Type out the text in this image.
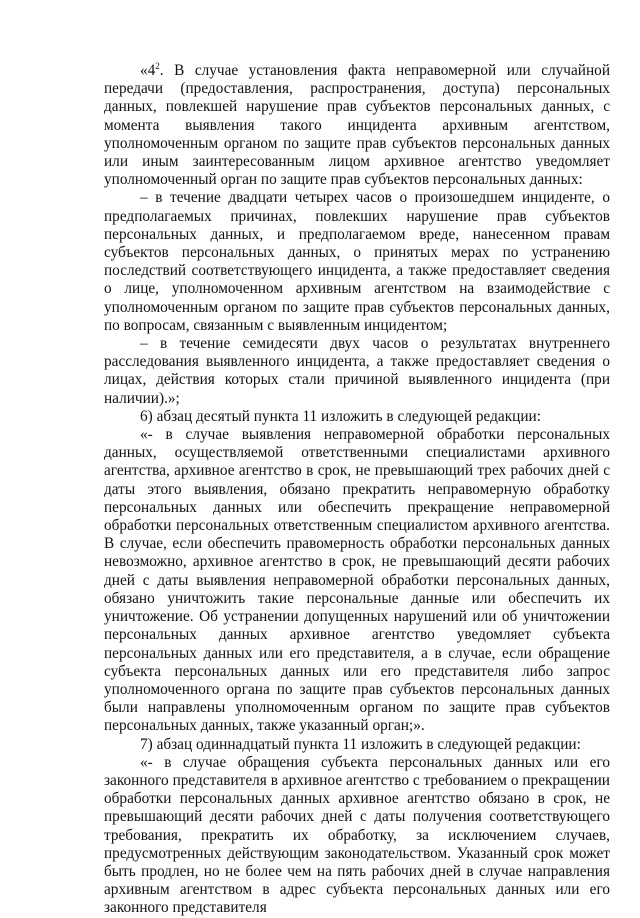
«$4^2$. В случае установления факта неправомерной или случайной передачи (предоставления, распространения, доступа) персональных данных, повлекшей нарушение прав субъектов персональных данных, с момента выявления такого инцидента архивным агентством, уполномоченным органом по защите прав субъектов персональных данных или иным заинтересованным лицом архивное агентство уведомляет уполномоченный орган по защите прав субъектов персональных данных:

– в течение двадцати четырех часов о произошедшем инциденте, о предполагаемых причинах, повлекших нарушение прав субъектов персональных данных, и предполагаемом вреде, нанесенном правам субъектов персональных данных, о принятых мерах по устранению последствий соответствующего инцидента, а также предоставляет сведения о лице, уполномоченном архивным агентством на взаимодействие с уполномоченным органом по защите прав субъектов персональных данных, по вопросам, связанным с выявленным инцидентом;

– в течение семидесяти двух часов о результатах внутреннего расследования выявленного инцидента, а также предоставляет сведения о лицах, действия которых стали причиной выявленного инцидента (при наличии).»;

6) абзац десятый пункта 11 изложить в следующей редакции:

«- в случае выявления неправомерной обработки персональных данных, осуществляемой ответственными специалистами архивного агентства, архивное агентство в срок, не превышающий трех рабочих дней с даты этого выявления, обязано прекратить неправомерную обработку персональных данных или обеспечить прекращение неправомерной обработки персональных ответственным специалистом архивного агентства. В случае, если обеспечить правомерность обработки персональных данных невозможно, архивное агентство в срок, не превышающий десяти рабочих дней с даты выявления неправомерной обработки персональных данных, обязано уничтожить такие персональные данные или обеспечить их уничтожение. Об устранении допущенных нарушений или об уничтожении персональных данных архивное агентство уведомляет субъекта персональных данных или его представителя, а в случае, если обращение субъекта персональных данных или его представителя либо запрос уполномоченного органа по защите прав субъектов персональных данных были направлены уполномоченным органом по защите прав субъектов персональных данных, также указанный орган;».

7) абзац одиннадцатый пункта 11 изложить в следующей редакции:

«- в случае обращения субъекта персональных данных или его законного представителя в архивное агентство с требованием о прекращении обработки персональных данных архивное агентство обязано в срок, не превышающий десяти рабочих дней с даты получения соответствующего требования, прекратить их обработку, за исключением случаев, предусмотренных действующим законодательством. Указанный срок может быть продлен, но не более чем на пять рабочих дней в случае направления архивным агентством в адрес субъекта персональных данных или его законного представителя
